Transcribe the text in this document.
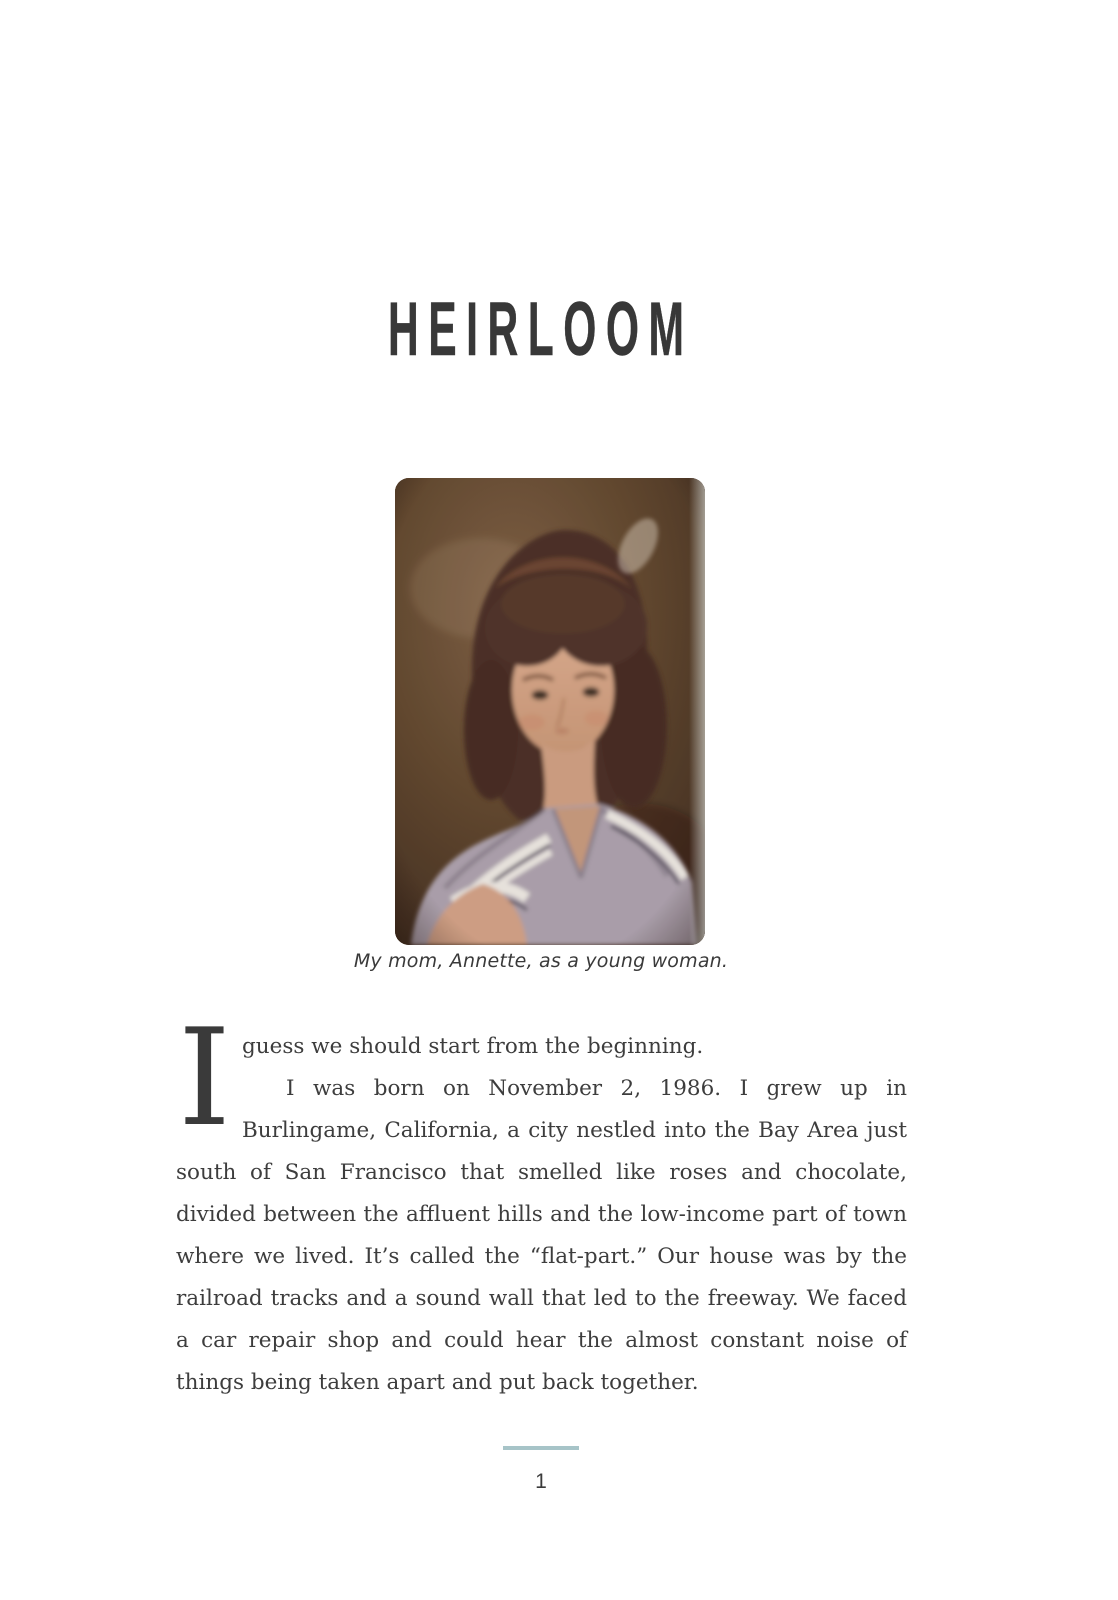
HEIRLOOM
My mom, Annette, as a young woman.
I guess we should start from the beginning.

I was born on November 2, 1986. I grew up in Burlingame, California, a city nestled into the Bay Area just south of San Francisco that smelled like roses and chocolate, divided between the affluent hills and the low-income part of town where we lived. It’s called the “flat-part.” Our house was by the railroad tracks and a sound wall that led to the freeway. We faced a car repair shop and could hear the almost constant noise of things being taken apart and put back together.

1
